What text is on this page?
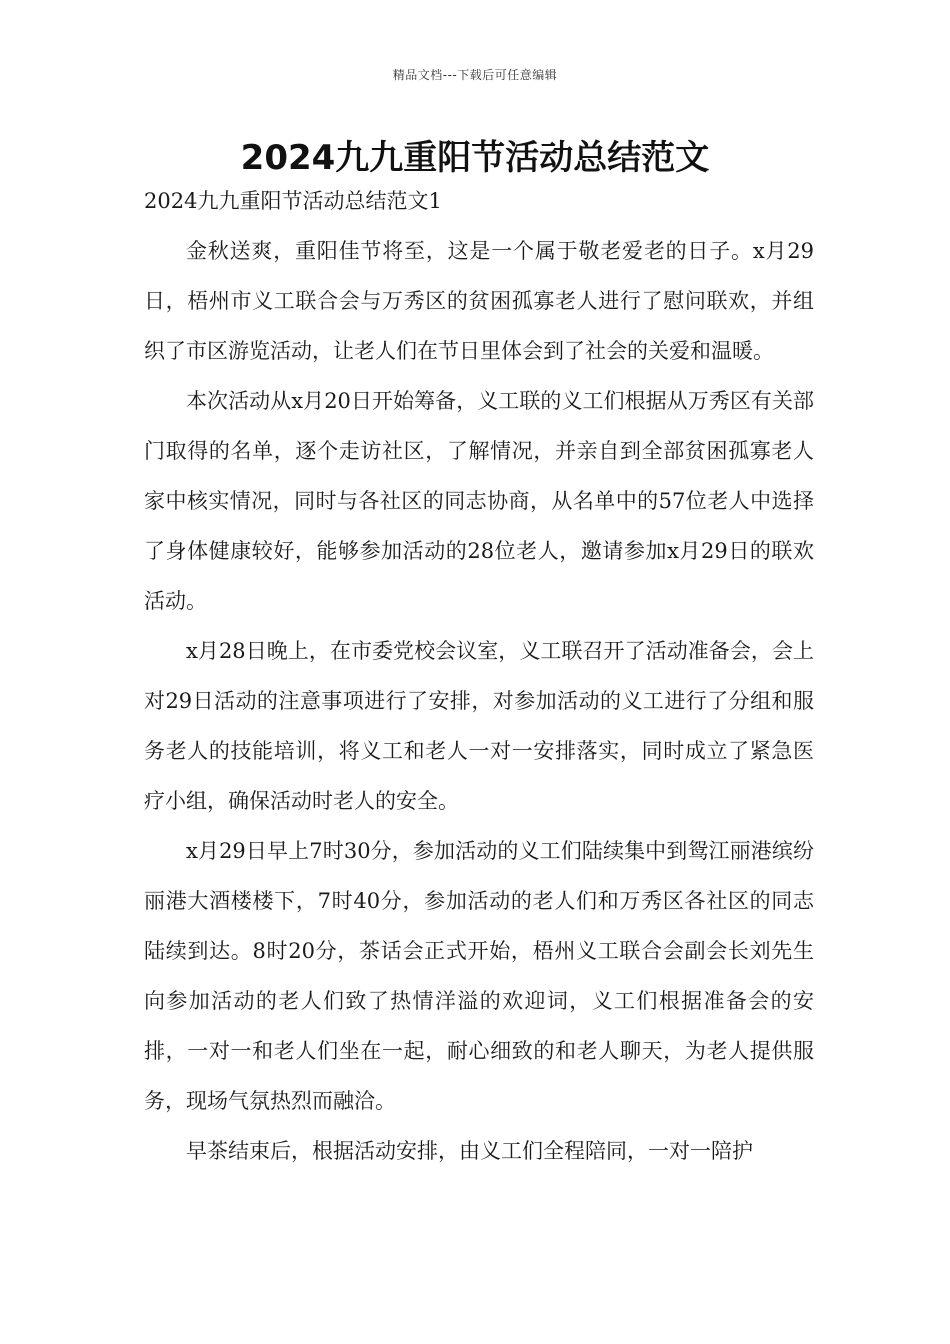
精品文档---下载后可任意编辑
2024九九重阳节活动总结范文

2024九九重阳节活动总结范文1

金秋送爽，重阳佳节将至，这是一个属于敬老爱老的日子。x月29日，梧州市义工联合会与万秀区的贫困孤寡老人进行了慰问联欢，并组织了市区游览活动，让老人们在节日里体会到了社会的关爱和温暖。

本次活动从x月20日开始筹备，义工联的义工们根据从万秀区有关部门取得的名单，逐个走访社区，了解情况，并亲自到全部贫困孤寡老人家中核实情况，同时与各社区的同志协商，从名单中的57位老人中选择了身体健康较好，能够参加活动的28位老人，邀请参加x月29日的联欢活动。

x月28日晚上，在市委党校会议室，义工联召开了活动准备会，会上对29日活动的注意事项进行了安排，对参加活动的义工进行了分组和服务老人的技能培训，将义工和老人一对一安排落实，同时成立了紧急医疗小组，确保活动时老人的安全。

x月29日早上7时30分，参加活动的义工们陆续集中到鸳江丽港缤纷丽港大酒楼楼下，7时40分，参加活动的老人们和万秀区各社区的同志陆续到达。8时20分，茶话会正式开始，梧州义工联合会副会长刘先生向参加活动的老人们致了热情洋溢的欢迎词，义工们根据准备会的安排，一对一和老人们坐在一起，耐心细致的和老人聊天，为老人提供服务，现场气氛热烈而融洽。

早茶结束后，根据活动安排，由义工们全程陪同，一对一陪护
